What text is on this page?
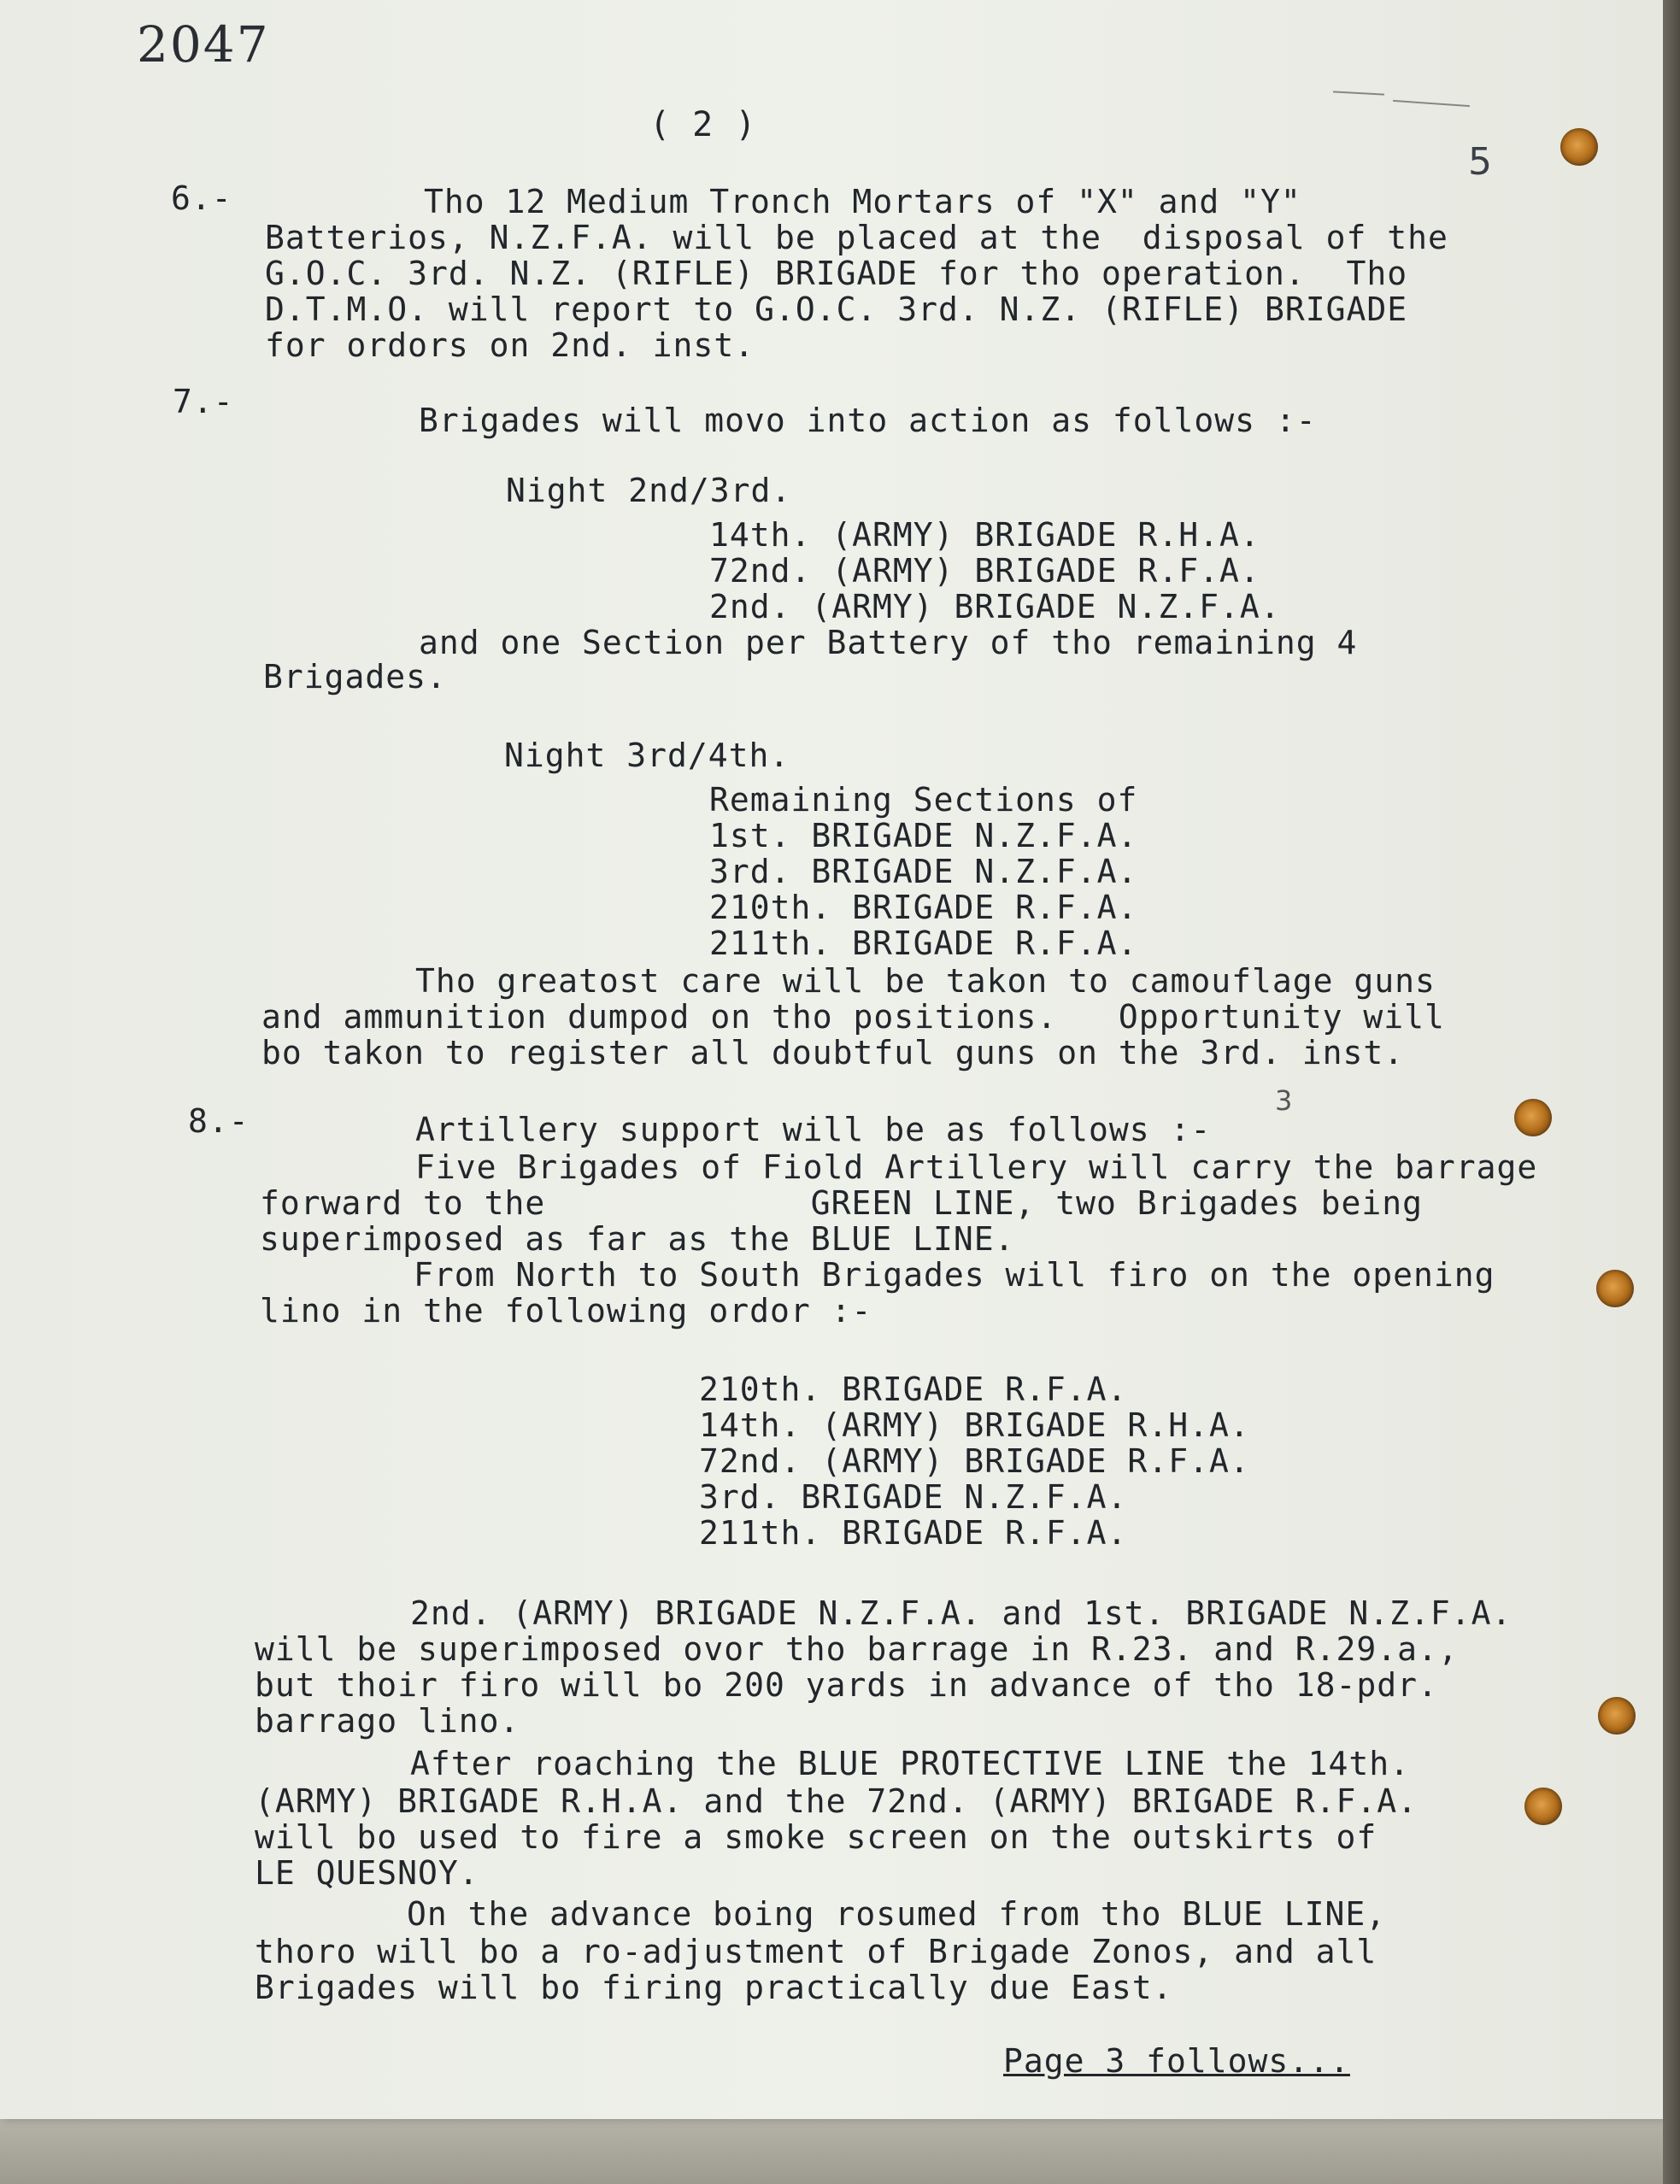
2047
( 2 )
5
6.-	Tho 12 Medium Tronch Mortars of "X" and "Y"
Batterios, N.Z.F.A. will be placed at the  disposal of the
G.O.C. 3rd. N.Z. (RIFLE) BRIGADE for tho operation.  Tho
D.T.M.O. will report to G.O.C. 3rd. N.Z. (RIFLE) BRIGADE
for ordors on 2nd. inst.
7.-	Brigades will movo into action as follows :-
Night 2nd/3rd.
14th. (ARMY) BRIGADE R.H.A.
72nd. (ARMY) BRIGADE R.F.A.
2nd. (ARMY) BRIGADE N.Z.F.A.
and one Section per Battery of tho remaining 4
Brigades.
Night 3rd/4th.
Remaining Sections of
1st. BRIGADE N.Z.F.A.
3rd. BRIGADE N.Z.F.A.
210th. BRIGADE R.F.A.
211th. BRIGADE R.F.A.
Tho greatost care will be takon to camouflage guns
and ammunition dumpod on tho positions.   Opportunity will
bo takon to register all doubtful guns on the 3rd. inst.
3
8.-	Artillery support will be as follows :-
Five Brigades of Fiold Artillery will carry the barrage
forward to the             GREEN LINE, two Brigades being
superimposed as far as the BLUE LINE.
From North to South Brigades will firo on the opening
lino in the following ordor :-
210th. BRIGADE R.F.A.
14th. (ARMY) BRIGADE R.H.A.
72nd. (ARMY) BRIGADE R.F.A.
3rd. BRIGADE N.Z.F.A.
211th. BRIGADE R.F.A.
2nd. (ARMY) BRIGADE N.Z.F.A. and 1st. BRIGADE N.Z.F.A.
will be superimposed ovor tho barrage in R.23. and R.29.a.,
but thoir firo will bo 200 yards in advance of tho 18-pdr.
barrago lino.
After roaching the BLUE PROTECTIVE LINE the 14th.
(ARMY) BRIGADE R.H.A. and the 72nd. (ARMY) BRIGADE R.F.A.
will bo used to fire a smoke screen on the outskirts of
LE QUESNOY.
On the advance boing rosumed from tho BLUE LINE,
thoro will bo a ro-adjustment of Brigade Zonos, and all
Brigades will bo firing practically due East.
Page 3 follows...
